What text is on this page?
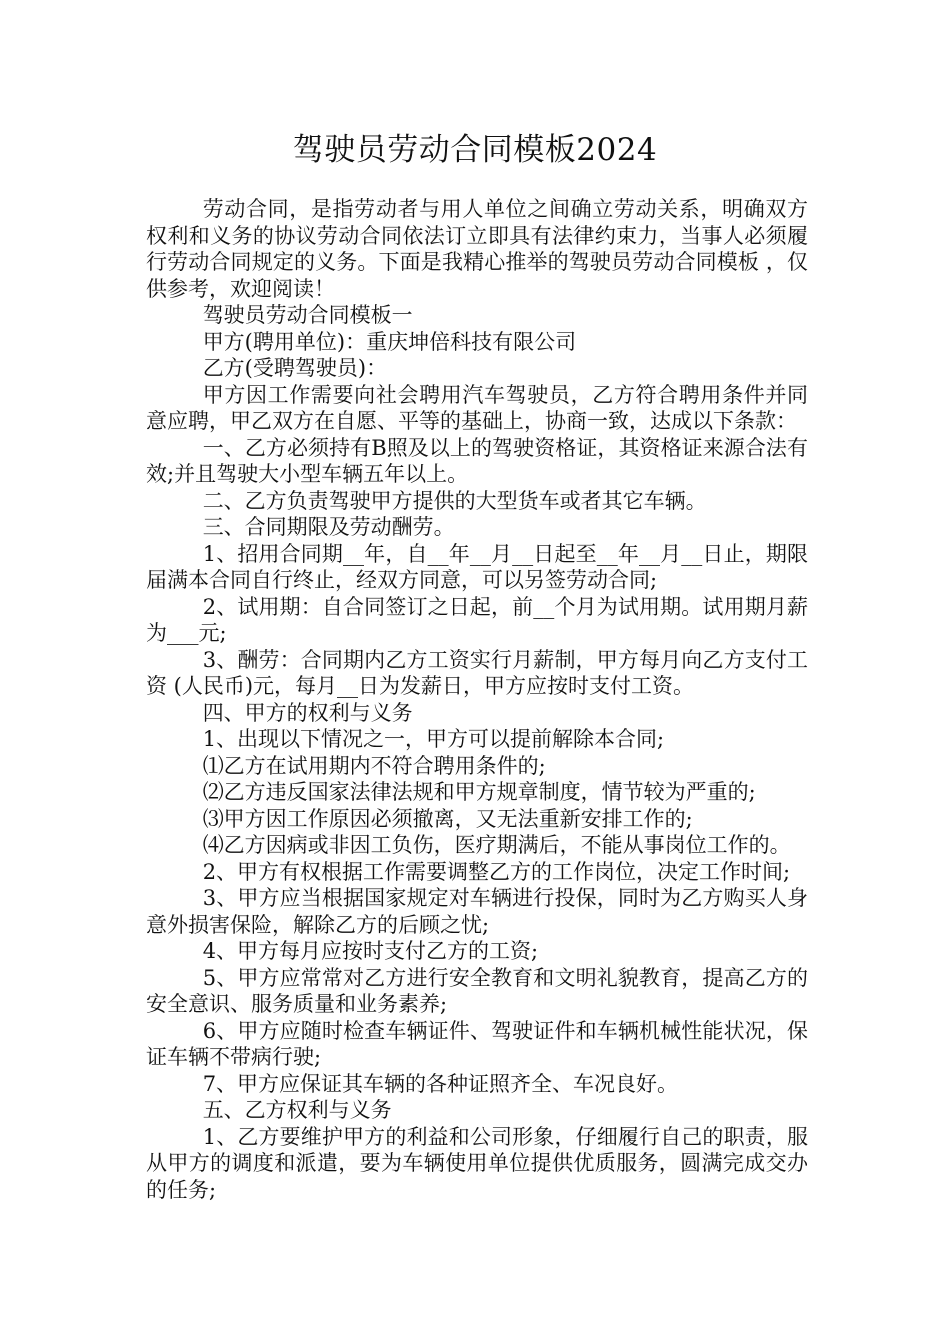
驾驶员劳动合同模板2024

劳动合同，是指劳动者与用人单位之间确立劳动关系，明确双方权利和义务的协议劳动合同依法订立即具有法律约束力，当事人必须履行劳动合同规定的义务。下面是我精心推举的驾驶员劳动合同模板 ，仅供参考，欢迎阅读！

驾驶员劳动合同模板一

甲方(聘用单位)：重庆坤倍科技有限公司

乙方(受聘驾驶员)：

甲方因工作需要向社会聘用汽车驾驶员，乙方符合聘用条件并同意应聘，甲乙双方在自愿、平等的基础上，协商一致，达成以下条款：

一、乙方必须持有B照及以上的驾驶资格证，其资格证来源合法有效;并且驾驶大小型车辆五年以上。

二、乙方负责驾驶甲方提供的大型货车或者其它车辆。

三、合同期限及劳动酬劳。

1、招用合同期__年，自__年__月__日起至__年__月__日止，期限届满本合同自行终止，经双方同意，可以另签劳动合同;

2、试用期：自合同签订之日起，前__个月为试用期。试用期月薪为___元;

3、酬劳：合同期内乙方工资实行月薪制，甲方每月向乙方支付工资 (人民币)元，每月__日为发薪日，甲方应按时支付工资。

四、甲方的权利与义务

1、出现以下情况之一，甲方可以提前解除本合同;

⑴乙方在试用期内不符合聘用条件的;

⑵乙方违反国家法律法规和甲方规章制度，情节较为严重的;

⑶甲方因工作原因必须撤离，又无法重新安排工作的;

⑷乙方因病或非因工负伤，医疗期满后，不能从事岗位工作的。

2、甲方有权根据工作需要调整乙方的工作岗位，决定工作时间;

3、甲方应当根据国家规定对车辆进行投保，同时为乙方购买人身意外损害保险，解除乙方的后顾之忧;

4、甲方每月应按时支付乙方的工资;

5、甲方应常常对乙方进行安全教育和文明礼貌教育，提高乙方的安全意识、服务质量和业务素养;

6、甲方应随时检查车辆证件、驾驶证件和车辆机械性能状况，保证车辆不带病行驶;

7、甲方应保证其车辆的各种证照齐全、车况良好。

五、乙方权利与义务

1、乙方要维护甲方的利益和公司形象，仔细履行自己的职责，服从甲方的调度和派遣，要为车辆使用单位提供优质服务，圆满完成交办的任务;
